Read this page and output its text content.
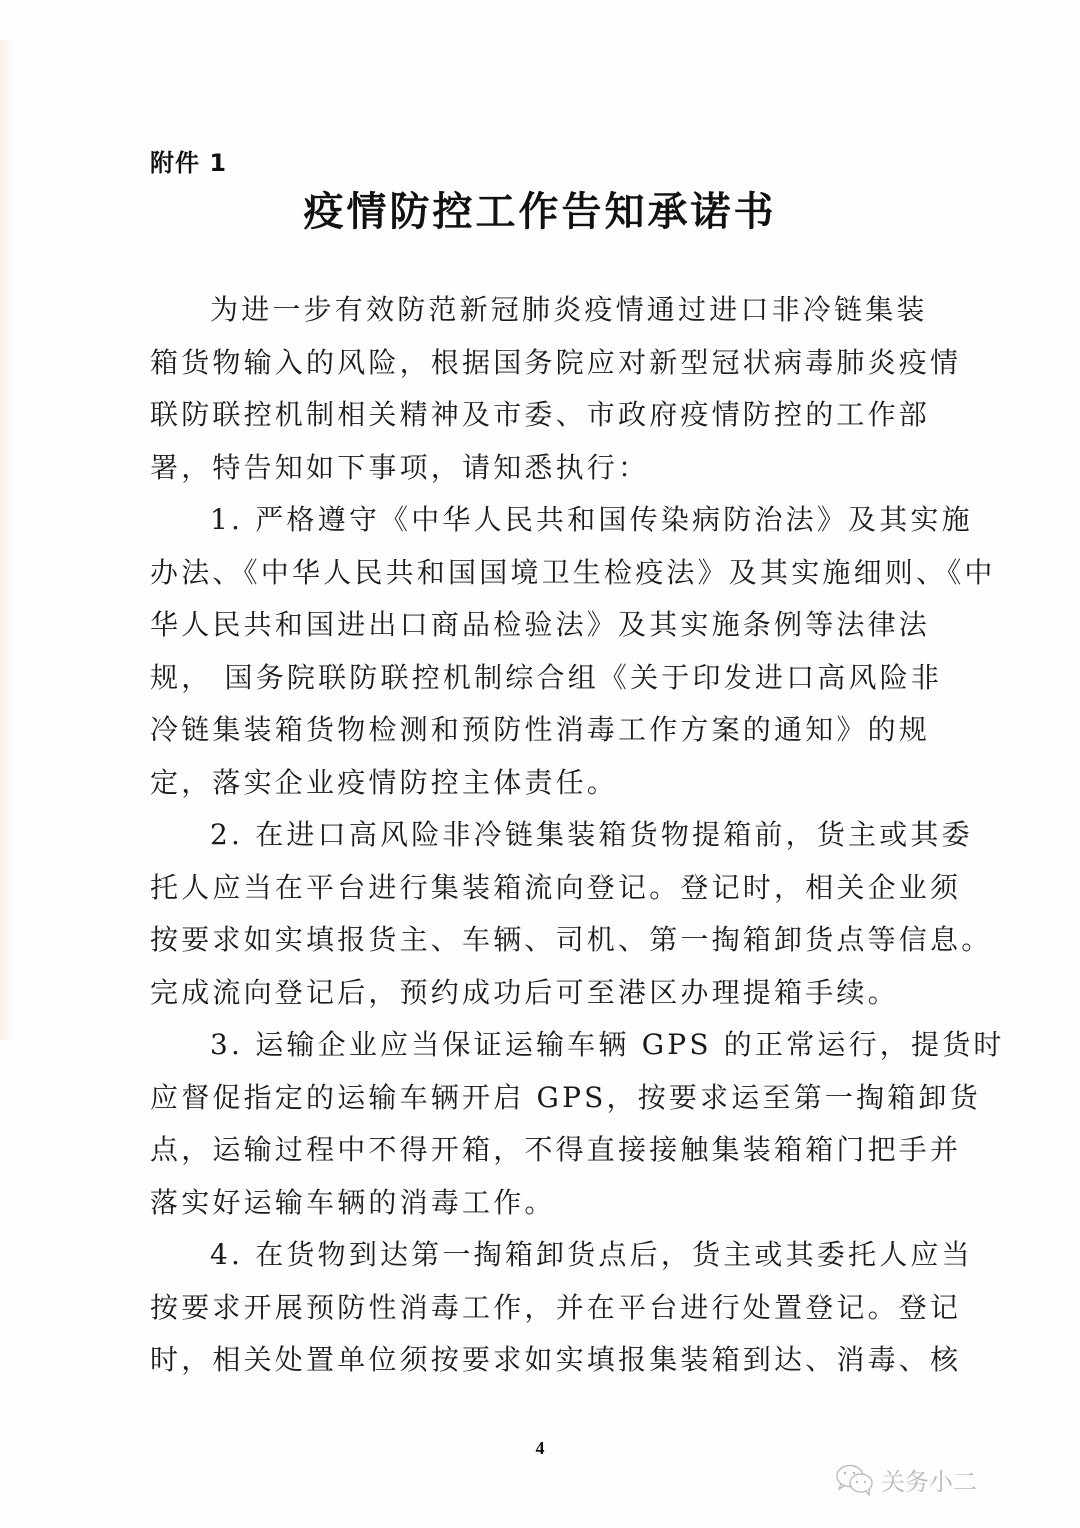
附件 1
疫情防控工作告知承诺书
为进一步有效防范新冠肺炎疫情通过进口非冷链集装
箱货物输入的风险，根据国务院应对新型冠状病毒肺炎疫情
联防联控机制相关精神及市委、市政府疫情防控的工作部
署，特告知如下事项，请知悉执行：
1. 严格遵守《中华人民共和国传染病防治法》及其实施
办法、《中华人民共和国国境卫生检疫法》及其实施细则、《中
华人民共和国进出口商品检验法》及其实施条例等法律法
规， 国务院联防联控机制综合组《关于印发进口高风险非
冷链集装箱货物检测和预防性消毒工作方案的通知》的规
定，落实企业疫情防控主体责任。
2. 在进口高风险非冷链集装箱货物提箱前，货主或其委
托人应当在平台进行集装箱流向登记。登记时，相关企业须
按要求如实填报货主、车辆、司机、第一掏箱卸货点等信息。
完成流向登记后，预约成功后可至港区办理提箱手续。
3. 运输企业应当保证运输车辆 GPS 的正常运行，提货时
应督促指定的运输车辆开启 GPS，按要求运至第一掏箱卸货
点，运输过程中不得开箱，不得直接接触集装箱箱门把手并
落实好运输车辆的消毒工作。
4. 在货物到达第一掏箱卸货点后，货主或其委托人应当
按要求开展预防性消毒工作，并在平台进行处置登记。登记
时，相关处置单位须按要求如实填报集装箱到达、消毒、核
4
关务小二
